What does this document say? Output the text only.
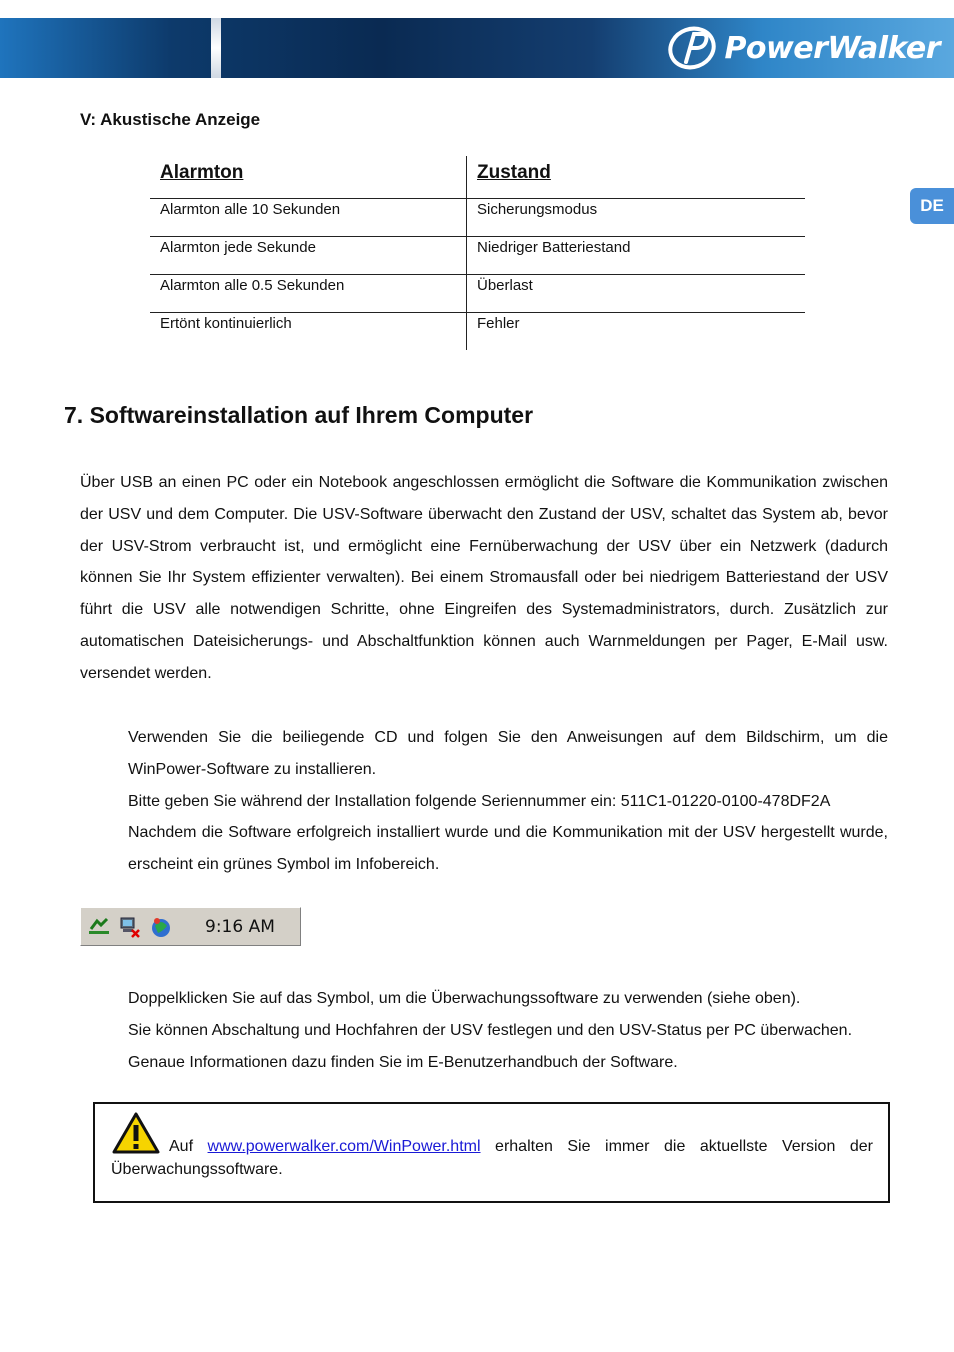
PowerWalker
DE
V: Akustische Anzeige
Alarmton	Zustand
Alarmton alle 10 Sekunden	Sicherungsmodus
Alarmton jede Sekunde	Niedriger Batteriestand
Alarmton alle 0.5 Sekunden	Überlast
Ertönt kontinuierlich	Fehler
7. Softwareinstallation auf Ihrem Computer
Über USB an einen PC oder ein Notebook angeschlossen ermöglicht die Software die Kommunikation zwischen der USV und dem Computer. Die USV-Software überwacht den Zustand der USV, schaltet das System ab, bevor der USV-Strom verbraucht ist, und ermöglicht eine Fernüberwachung der USV über ein Netzwerk (dadurch können Sie Ihr System effizienter verwalten). Bei einem Stromausfall oder bei niedrigem Batteriestand der USV führt die USV alle notwendigen Schritte, ohne Eingreifen des Systemadministrators, durch. Zusätzlich zur automatischen Dateisicherungs- und Abschaltfunktion können auch Warnmeldungen per Pager, E-Mail usw. versendet werden.
Verwenden Sie die beiliegende CD und folgen Sie den Anweisungen auf dem Bildschirm, um die WinPower-Software zu installieren.
Bitte geben Sie während der Installation folgende Seriennummer ein: 511C1-01220-0100-478DF2A
Nachdem die Software erfolgreich installiert wurde und die Kommunikation mit der USV hergestellt wurde, erscheint ein grünes Symbol im Infobereich.
9:16 AM
Doppelklicken Sie auf das Symbol, um die Überwachungssoftware zu verwenden (siehe oben).
Sie können Abschaltung und Hochfahren der USV festlegen und den USV-Status per PC überwachen.
Genaue Informationen dazu finden Sie im E-Benutzerhandbuch der Software.
Auf www.powerwalker.com/WinPower.html erhalten Sie immer die aktuellste Version der Überwachungssoftware.
